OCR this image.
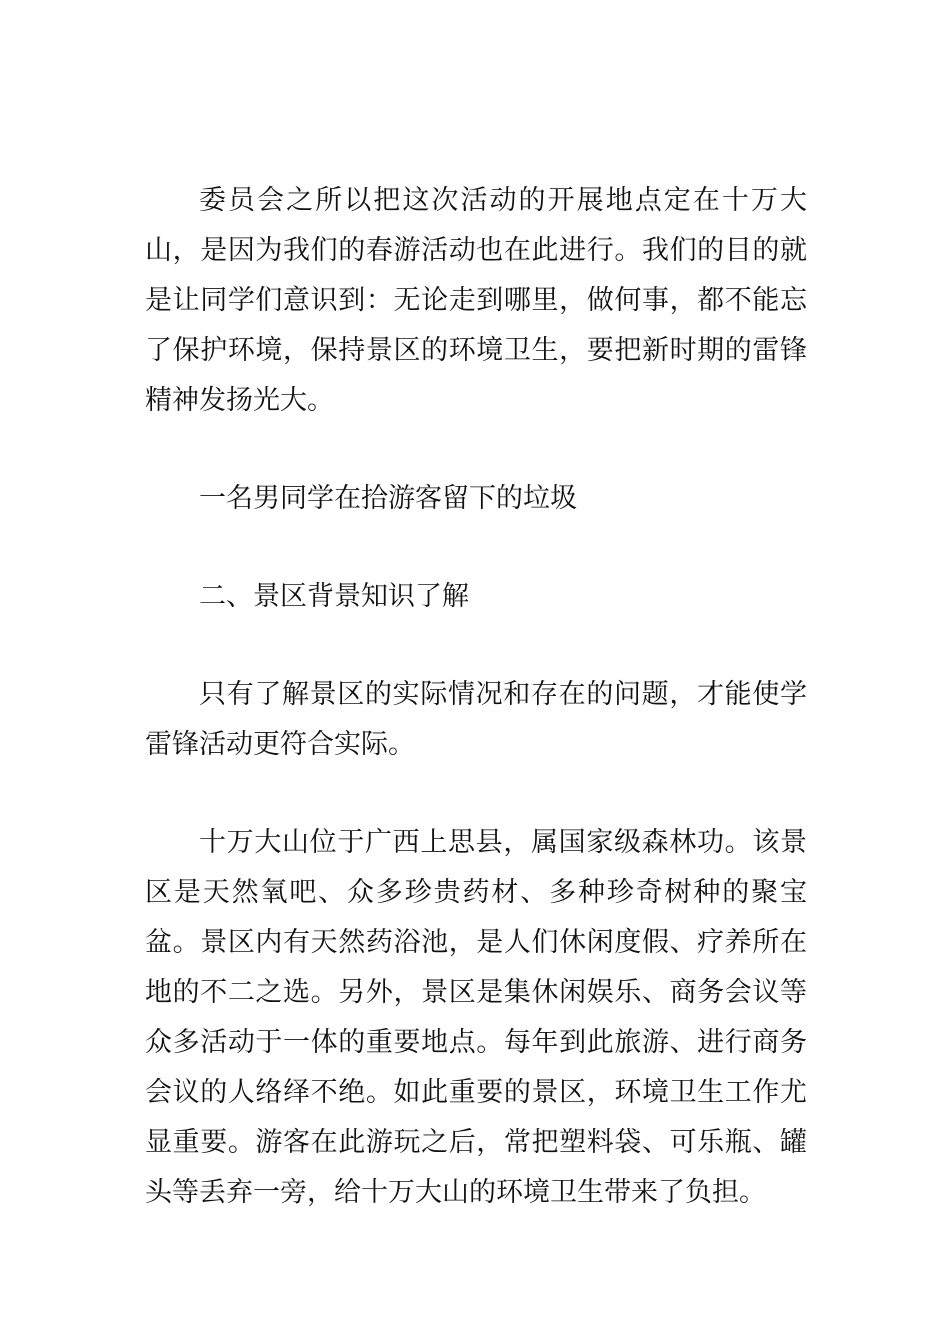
委员会之所以把这次活动的开展地点定在十万大山，是因为我们的春游活动也在此进行。我们的目的就是让同学们意识到：无论走到哪里，做何事，都不能忘了保护环境，保持景区的环境卫生，要把新时期的雷锋精神发扬光大。

一名男同学在拾游客留下的垃圾

二、景区背景知识了解

只有了解景区的实际情况和存在的问题，才能使学雷锋活动更符合实际。

十万大山位于广西上思县，属国家级森林功。该景区是天然氧吧、众多珍贵药材、多种珍奇树种的聚宝盆。景区内有天然药浴池，是人们休闲度假、疗养所在地的不二之选。另外，景区是集休闲娱乐、商务会议等众多活动于一体的重要地点。每年到此旅游、进行商务会议的人络绎不绝。如此重要的景区，环境卫生工作尤显重要。游客在此游玩之后，常把塑料袋、可乐瓶、罐头等丢弃一旁，给十万大山的环境卫生带来了负担。
